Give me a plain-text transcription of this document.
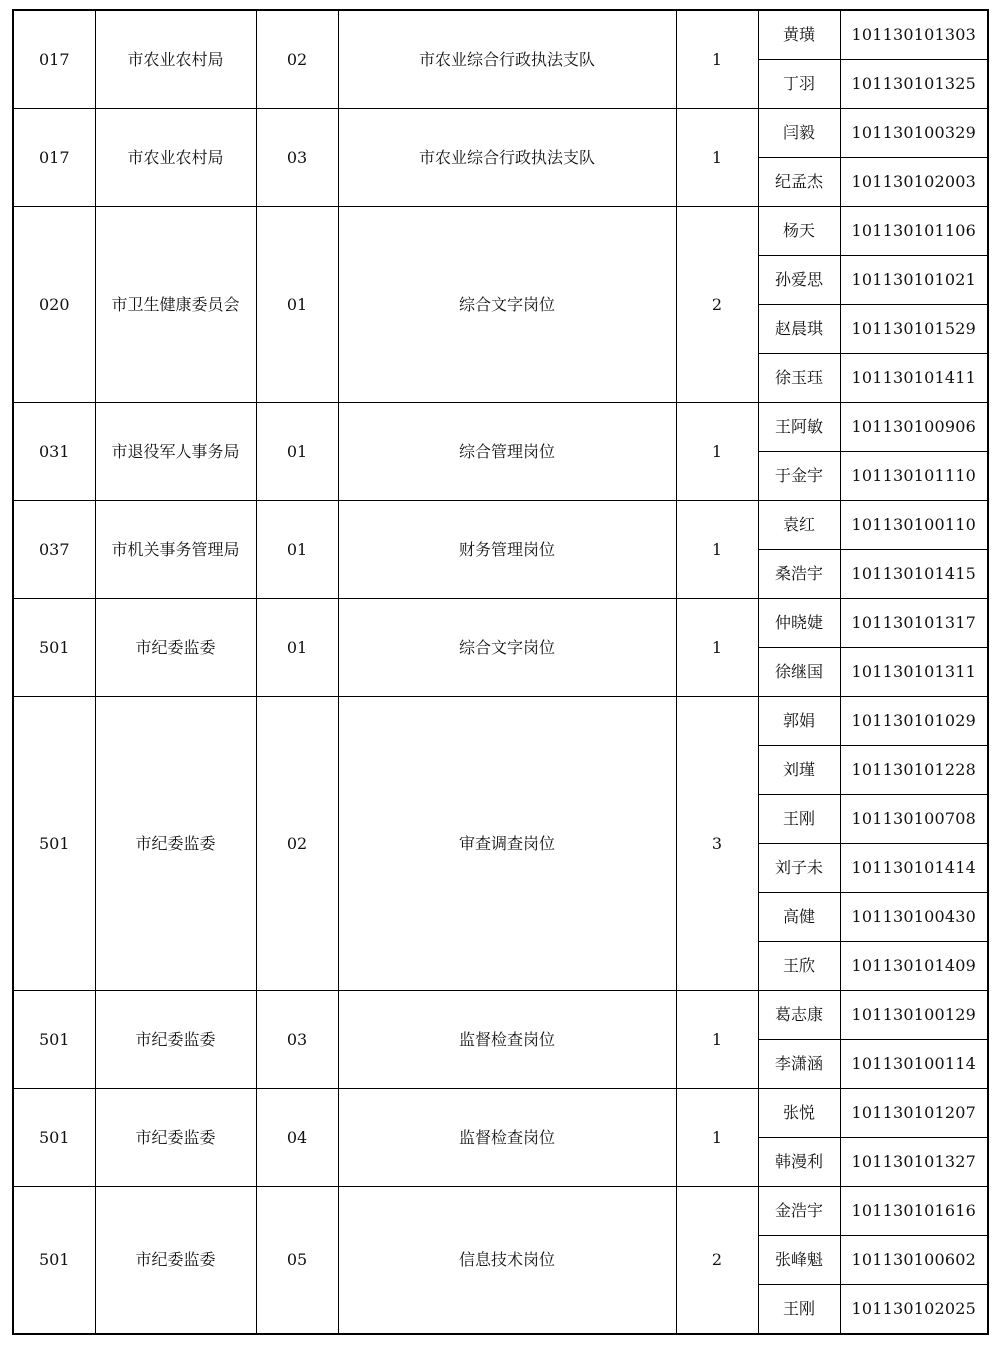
017	市农业农村局	02	市农业综合行政执法支队	1	黄璜	101130101303
					丁羽	101130101325
017	市农业农村局	03	市农业综合行政执法支队	1	闫毅	101130100329
					纪孟杰	101130102003
020	市卫生健康委员会	01	综合文字岗位	2	杨天	101130101106
					孙爱思	101130101021
					赵晨琪	101130101529
					徐玉珏	101130101411
031	市退役军人事务局	01	综合管理岗位	1	王阿敏	101130100906
					于金宇	101130101110
037	市机关事务管理局	01	财务管理岗位	1	袁红	101130100110
					桑浩宇	101130101415
501	市纪委监委	01	综合文字岗位	1	仲晓婕	101130101317
					徐继国	101130101311
501	市纪委监委	02	审查调查岗位	3	郭娟	101130101029
					刘瑾	101130101228
					王刚	101130100708
					刘子未	101130101414
					高健	101130100430
					王欣	101130101409
501	市纪委监委	03	监督检查岗位	1	葛志康	101130100129
					李潇涵	101130100114
501	市纪委监委	04	监督检查岗位	1	张悦	101130101207
					韩漫利	101130101327
501	市纪委监委	05	信息技术岗位	2	金浩宇	101130101616
					张峰魁	101130100602
					王刚	101130102025
